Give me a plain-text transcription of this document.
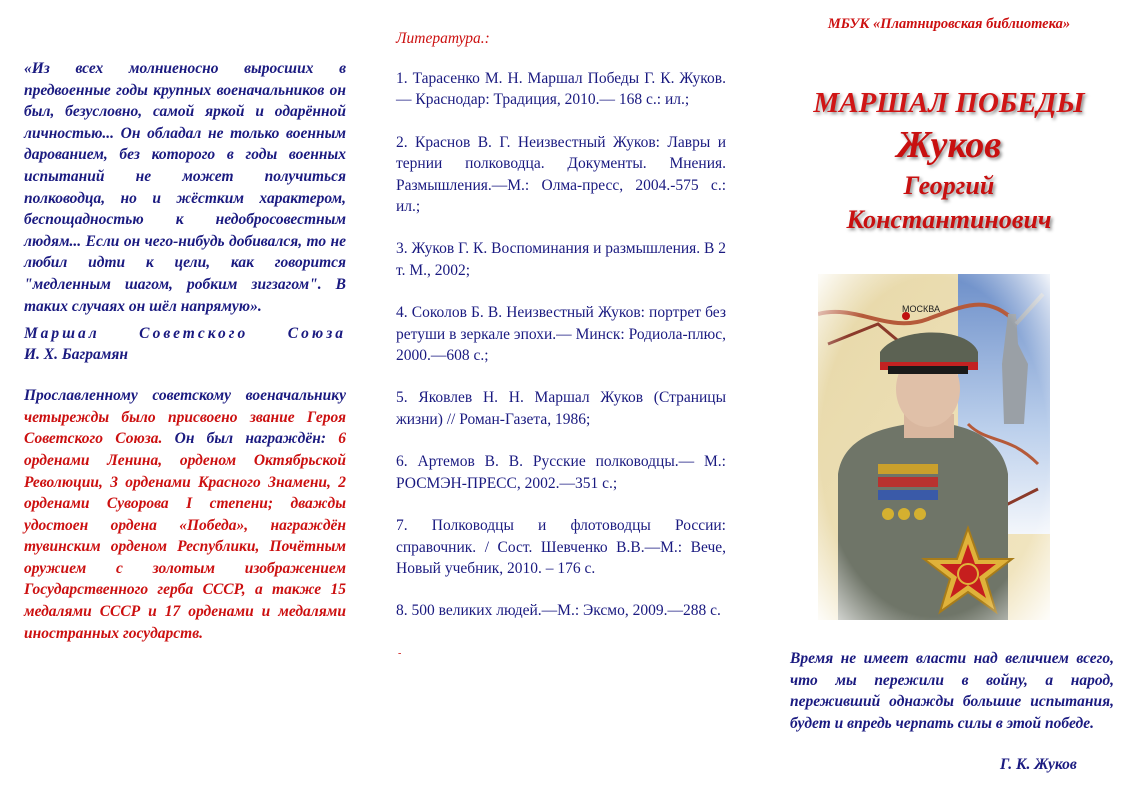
«Из всех молниеносно выросших в предвоенные годы крупных военачальников он был, безусловно, самой яркой и одарённой личностью... Он обладал не только военным дарованием, без которого в годы военных испытаний не может получиться полководца, но и жёстким характером, беспощадностью к недобросовестным людям... Если он чего-нибудь добивался, то не любил идти к цели, как говорится "медленным шагом, робким зигзагом". В таких случаях он шёл напрямую».

Маршал Советского Союза
И. Х. Баграмян

Прославленному советскому военачальнику четырежды было присвоено звание Героя Советского Союза. Он был награждён: 6 орденами Ленина, орденом Октябрьской Революции, 3 орденами Красного Знамени, 2 орденами Суворова I степени; дважды удостоен ордена «Победа», награждён тувинским орденом Республики, Почётным оружием с золотым изображением Государственного герба СССР, а также 15 медалями СССР и 17 орденами и медалями иностранных государств.

Литература.:

1. Тарасенко М. Н. Маршал Победы Г. К. Жуков.— Краснодар: Традиция, 2010.— 168 с.: ил.;
2. Краснов В. Г. Неизвестный Жуков: Лавры и тернии полководца. Документы. Мнения. Размышления.—М.: Олма-пресс, 2004.-575 с.: ил.;
3. Жуков Г. К. Воспоминания и размышления. В 2 т. М., 2002;
4. Соколов Б. В. Неизвестный Жуков: портрет без ретуши в зеркале эпохи.— Минск: Родиола-плюс, 2000.—608 с.;
5. Яковлев Н. Н. Маршал Жуков (Страницы жизни) // Роман-Газета, 1986;
6. Артемов В. В. Русские полководцы.— М.: РОСМЭН-ПРЕСС, 2002.—351 с.;
7. Полководцы и флотоводцы России: справочник. / Сост. Шевченко В.В.—М.: Вече, Новый учебник, 2010. – 176 с.
8. 500 великих людей.—М.: Эксмо, 2009.—288 с.
-

МБУК «Платнировская библиотека»

МАРШАЛ ПОБЕДЫ
Жуков
Георгий
Константинович

Время не имеет власти над величием всего, что мы пережили в войну, а народ, переживший однажды большие испытания, будет и впредь черпать силы в этой победе.

Г. К. Жуков
